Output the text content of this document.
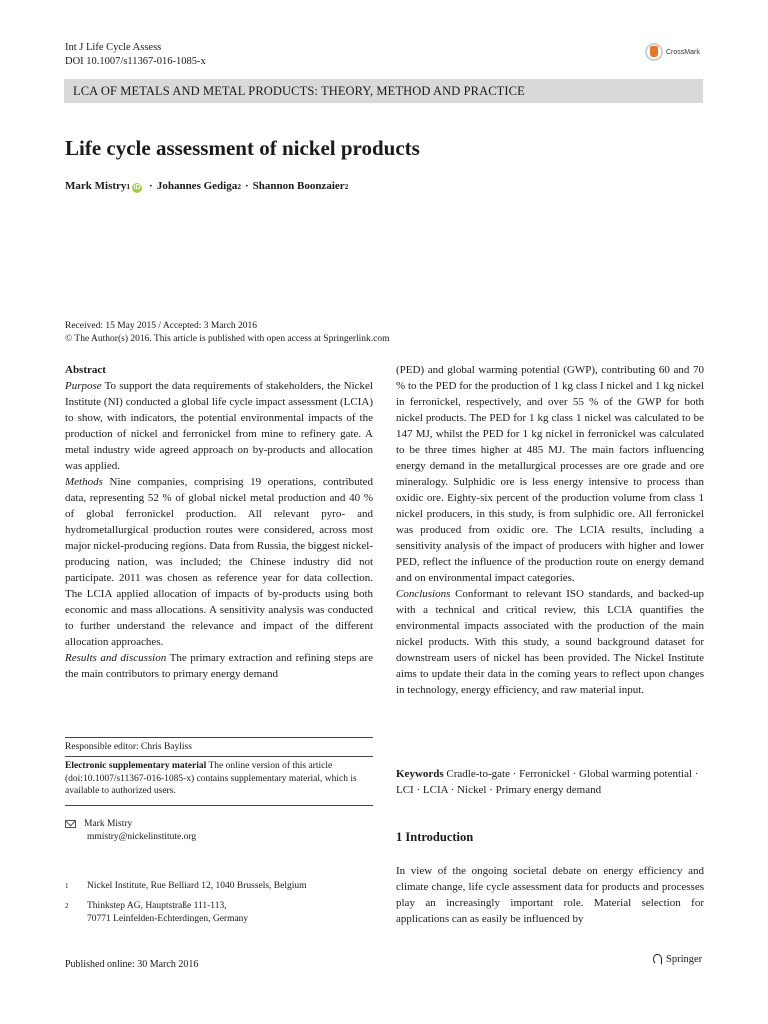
Int J Life Cycle Assess
DOI 10.1007/s11367-016-1085-x
CrossMark
LCA OF METALS AND METAL PRODUCTS: THEORY, METHOD AND PRACTICE
Life cycle assessment of nickel products
Mark Mistry 1 iD · Johannes Gediga 2 · Shannon Boonzaier 2
Received: 15 May 2015 / Accepted: 3 March 2016
© The Author(s) 2016. This article is published with open access at Springerlink.com

Abstract

Purpose To support the data requirements of stakeholders, the Nickel Institute (NI) conducted a global life cycle impact assessment (LCIA) to show, with indicators, the potential environmental impacts of the production of nickel and ferronickel from mine to refinery gate. A metal industry wide agreed approach on by-products and allocation was applied.

Methods Nine companies, comprising 19 operations, contributed data, representing 52 % of global nickel metal production and 40 % of global ferronickel production. All relevant pyro- and hydrometallurgical production routes were considered, across most major nickel-producing regions. Data from Russia, the biggest nickel-producing nation, was included; the Chinese industry did not participate. 2011 was chosen as reference year for data collection. The LCIA applied allocation of impacts of by-products using both economic and mass allocations. A sensitivity analysis was conducted to further understand the relevance and impact of the different allocation approaches.

Results and discussion The primary extraction and refining steps are the main contributors to primary energy demand

Responsible editor: Chris Bayliss
Electronic supplementary material The online version of this article (doi:10.1007/s11367-016-1085-x) contains supplementary material, which is available to authorized users.
Mark Mistry
mmistry@nickelinstitute.org
1 Nickel Institute, Rue Belliard 12, 1040 Brussels, Belgium
2 Thinkstep AG, Hauptstraße 111-113,
70771 Leinfelden-Echterdingen, Germany

(PED) and global warming potential (GWP), contributing 60 and 70 % to the PED for the production of 1 kg class I nickel and 1 kg nickel in ferronickel, respectively, and over 55 % of the GWP for both nickel products. The PED for 1 kg class 1 nickel was calculated to be 147 MJ, whilst the PED for 1 kg nickel in ferronickel was calculated to be three times higher at 485 MJ. The main factors influencing energy demand in the metallurgical processes are ore grade and ore mineralogy. Sulphidic ore is less energy intensive to process than oxidic ore. Eighty-six percent of the production volume from class 1 nickel producers, in this study, is from sulphidic ore. All ferronickel was produced from oxidic ore. The LCIA results, including a sensitivity analysis of the impact of producers with higher and lower PED, reflect the influence of the production route on energy demand and on environmental impact categories.

Conclusions Conformant to relevant ISO standards, and backed-up with a technical and critical review, this LCIA quantifies the environmental impacts associated with the production of the main nickel products. With this study, a sound background dataset for downstream users of nickel has been provided. The Nickel Institute aims to update their data in the coming years to reflect upon changes in technology, energy efficiency, and raw material input.

Keywords Cradle-to-gate · Ferronickel · Global warming potential · LCI · LCIA · Nickel · Primary energy demand
1 Introduction
In view of the ongoing societal debate on energy efficiency and climate change, life cycle assessment data for products and processes play an increasingly important role. Material selection for applications can as easily be influenced by
Published online: 30 March 2016	Springer
